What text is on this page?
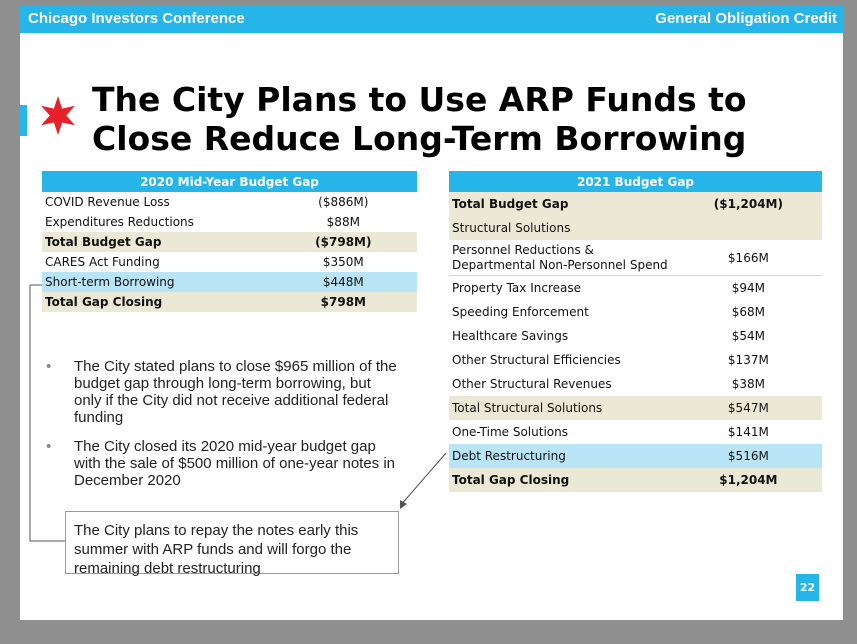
Chicago Investors Conference	General Obligation Credit
The City Plans to Use ARP Funds to
Close Reduce Long-Term Borrowing
2020 Mid-Year Budget Gap	
COVID Revenue Loss	($886M)
Expenditures Reductions	$88M
Total Budget Gap	($798M)
CARES Act Funding	$350M
Short-term Borrowing	$448M
Total Gap Closing	$798M
2021 Budget Gap	
Total Budget Gap	($1,204M)
Structural Solutions	
Personnel Reductions & Departmental Non-Personnel Spend	$166M
Property Tax Increase	$94M
Speeding Enforcement	$68M
Healthcare Savings	$54M
Other Structural Efficiencies	$137M
Other Structural Revenues	$38M
Total Structural Solutions	$547M
One-Time Solutions	$141M
Debt Restructuring	$516M
Total Gap Closing	$1,204M
• The City stated plans to close $965 million of the budget gap through long-term borrowing, but only if the City did not receive additional federal funding
• The City closed its 2020 mid-year budget gap with the sale of $500 million of one-year notes in December 2020
The City plans to repay the notes early this summer with ARP funds and will forgo the remaining debt restructuring
22
